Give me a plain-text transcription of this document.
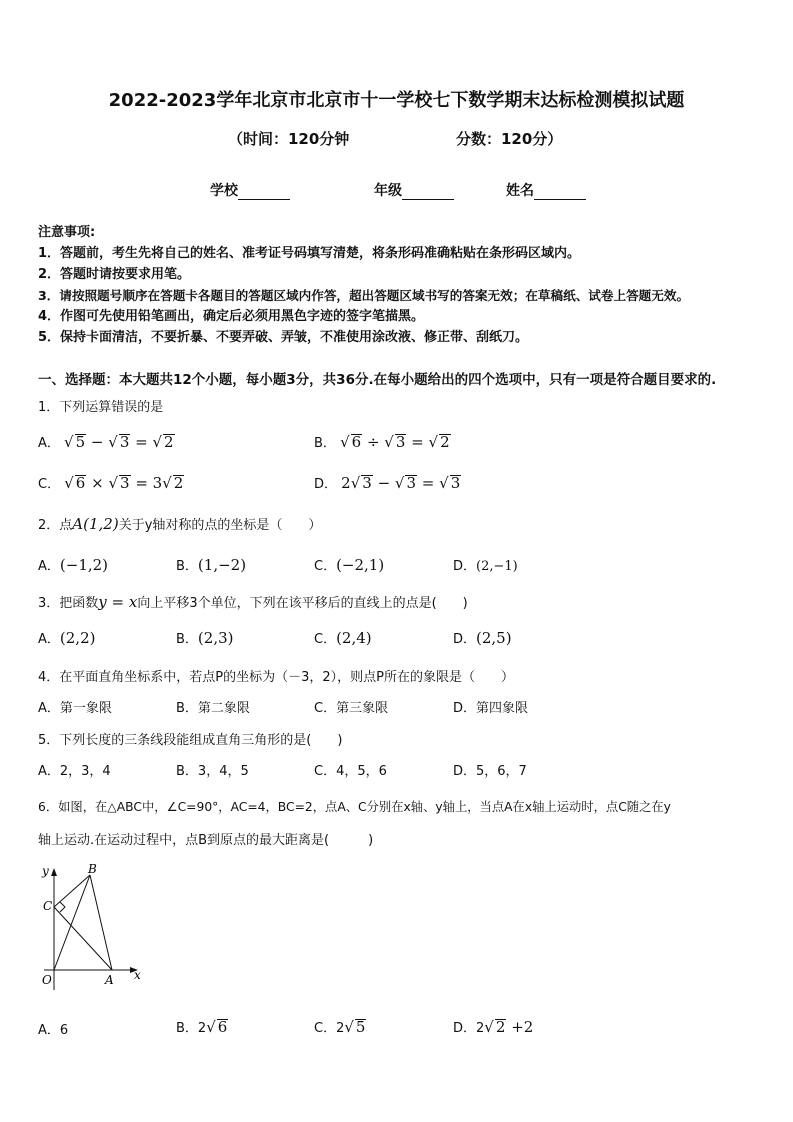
2022-2023学年北京市北京市十一学校七下数学期末达标检测模拟试题
（时间：120分钟	分数：120分）
学校	年级	姓名
注意事项:
1．答题前，考生先将自己的姓名、准考证号码填写清楚，将条形码准确粘贴在条形码区域内。
2．答题时请按要求用笔。
3．请按照题号顺序在答题卡各题目的答题区域内作答，超出答题区域书写的答案无效；在草稿纸、试卷上答题无效。
4．作图可先使用铅笔画出，确定后必须用黑色字迹的签字笔描黑。
5．保持卡面清洁，不要折暴、不要弄破、弄皱，不准使用涂改液、修正带、刮纸刀。
一、选择题：本大题共12个小题，每小题3分，共36分.在每小题给出的四个选项中，只有一项是符合题目要求的.
1．下列运算错误的是
A． √ 5 − √ 3 = √ 2	B． √ 6 ÷ √ 3 = √ 2
C． √ 6 × √ 3 = 3√ 2	D． 2√ 3 − √ 3 = √ 3
2．点A(1,2)关于y轴对称的点的坐标是（　　）
A．(−1,2)	B．(1,−2)	C．(−2,1)	D．(2,−1)
3．把函数y = x向上平移3个单位，下列在该平移后的直线上的点是(　　)
A．(2,2)	B．(2,3)	C．(2,4)	D．(2,5)
4．在平面直角坐标系中，若点P的坐标为（－3，2），则点P所在的象限是（　　）
A．第一象限	B．第二象限	C．第三象限	D．第四象限
5．下列长度的三条线段能组成直角三角形的是(　　)
A．2，3，4	B．3，4，5	C．4，5，6	D．5，6，7
6．如图，在△ABC中，∠C=90°，AC=4，BC=2，点A、C分别在x轴、y轴上，当点A在x轴上运动时，点C随之在y
轴上运动.在运动过程中，点B到原点的最大距离是(　　　)
y
x
O	A
B
C
A．6	B．2√ 6	C．2√ 5	D．2√ 2 +2
